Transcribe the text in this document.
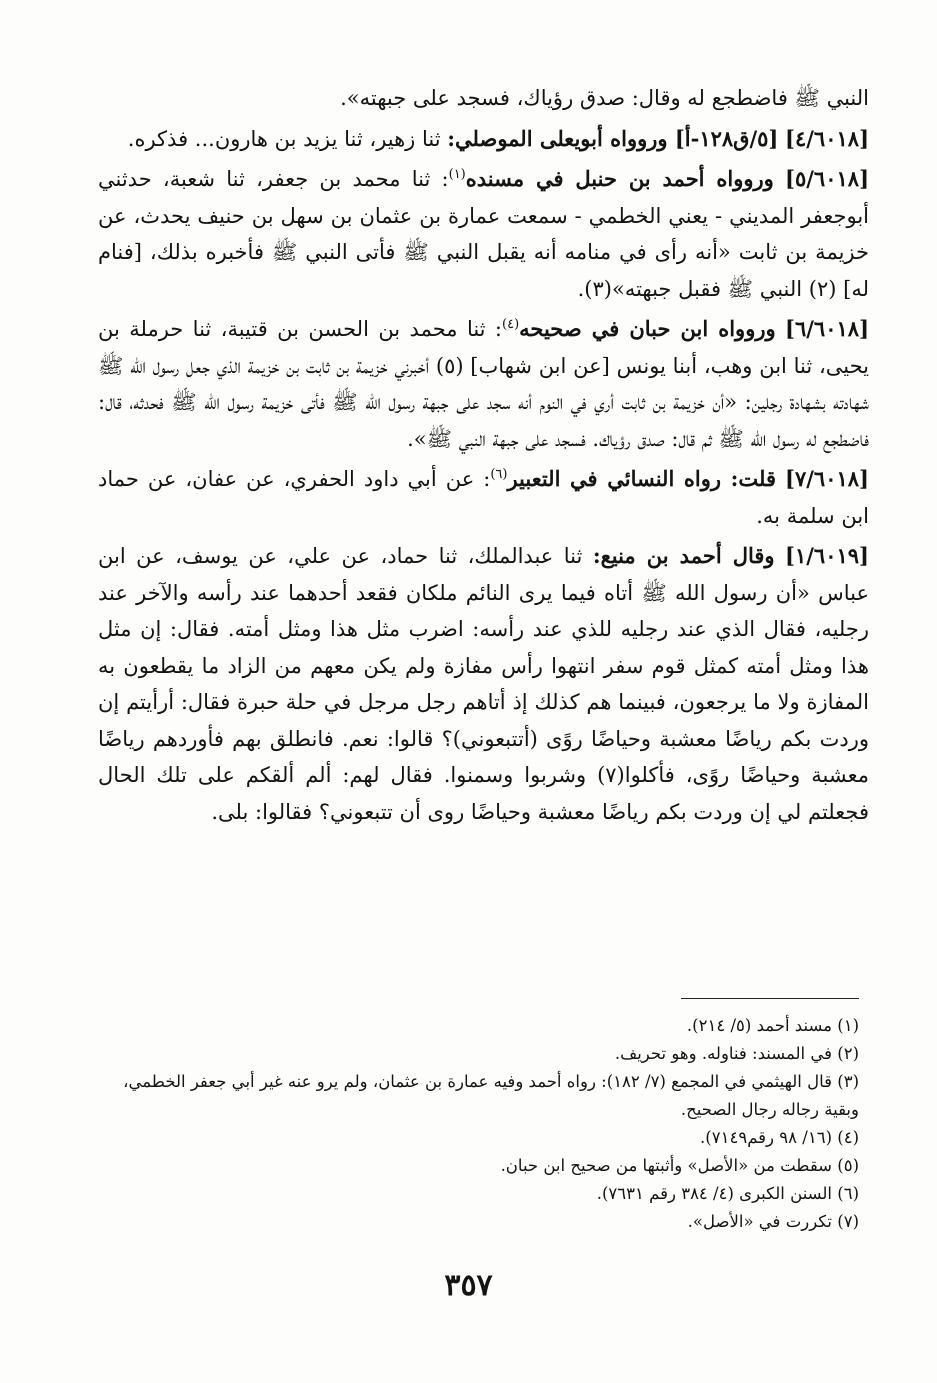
النبي ﷺ فاضطجع له وقال: صدق رؤياك، فسجد على جبهته».

[٤/٦٠١٨] [٥/ق١٢٨-أ] وروواه أبويعلى الموصلي: ثنا زهير، ثنا يزيد بن هارون... فذكره.

[٥/٦٠١٨] وروواه أحمد بن حنبل في مسنده$^{(١)}$: ثنا محمد بن جعفر، ثنا شعبة، حدثني أبوجعفر المديني - يعني الخطمي - سمعت عمارة بن عثمان بن سهل بن حنيف يحدث، عن خزيمة بن ثابت «أنه رأى في منامه أنه يقبل النبي ﷺ فأتى النبي ﷺ فأخبره بذلك، [فنام له] (٢) النبي ﷺ فقبل جبهته»(٣).

[٦/٦٠١٨] وروواه ابن حبان في صحيحه$^{(٤)}$: ثنا محمد بن الحسن بن قتيبة، ثنا حرملة بن يحيى، ثنا ابن وهب، أبنا يونس [عن ابن شهاب] (٥) أخبرني خزيمة بن ثابت بن خزيمة الذي جعل رسول الله ﷺ شهادته بشهادة رجلين: «أن خزيمة بن ثابت أري في النوم أنه سجد على جبهة رسول الله ﷺ فأتى خزيمة رسول الله ﷺ فحدثه، قال: فاضطجع له رسول الله ﷺ ثم قال: صدق رؤياك. فسجد على جبهة النبي ﷺ».

[٧/٦٠١٨] قلت: رواه النسائي في التعبير$^{(٦)}$: عن أبي داود الحفري، عن عفان، عن حماد ابن سلمة به.

[١/٦٠١٩] وقال أحمد بن منيع: ثنا عبدالملك، ثنا حماد، عن علي، عن يوسف، عن ابن عباس «أن رسول الله ﷺ أتاه فيما يرى النائم ملكان فقعد أحدهما عند رأسه والآخر عند رجليه، فقال الذي عند رجليه للذي عند رأسه: اضرب مثل هذا ومثل أمته. فقال: إن مثل هذا ومثل أمته كمثل قوم سفر انتهوا رأس مفازة ولم يكن معهم من الزاد ما يقطعون به المفازة ولا ما يرجعون، فبينما هم كذلك إذ أتاهم رجل مرجل في حلة حبرة فقال: أرأيتم إن وردت بكم رياضًا معشبة وحياضًا روًى (أتتبعوني)؟ قالوا: نعم. فانطلق بهم فأوردهم رياضًا معشبة وحياضًا روًى، فأكلوا(٧) وشربوا وسمنوا. فقال لهم: ألم ألقكم على تلك الحال فجعلتم لي إن وردت بكم رياضًا معشبة وحياضًا روى أن تتبعوني؟ فقالوا: بلى.

(١) مسند أحمد (٥/ ٢١٤).

(٢) في المسند: فناوله. وهو تحريف.

(٣) قال الهيثمي في المجمع (٧/ ١٨٢): رواه أحمد وفيه عمارة بن عثمان، ولم يرو عنه غير أبي جعفر الخطمي، وبقية رجاله رجال الصحيح.

(٤) (١٦/ ٩٨ رقم٧١٤٩).

(٥) سقطت من «الأصل» وأثبتها من صحيح ابن حبان.

(٦) السنن الكبرى (٤/ ٣٨٤ رقم ٧٦٣١).

(٧) تكررت في «الأصل».

٣٥٧
